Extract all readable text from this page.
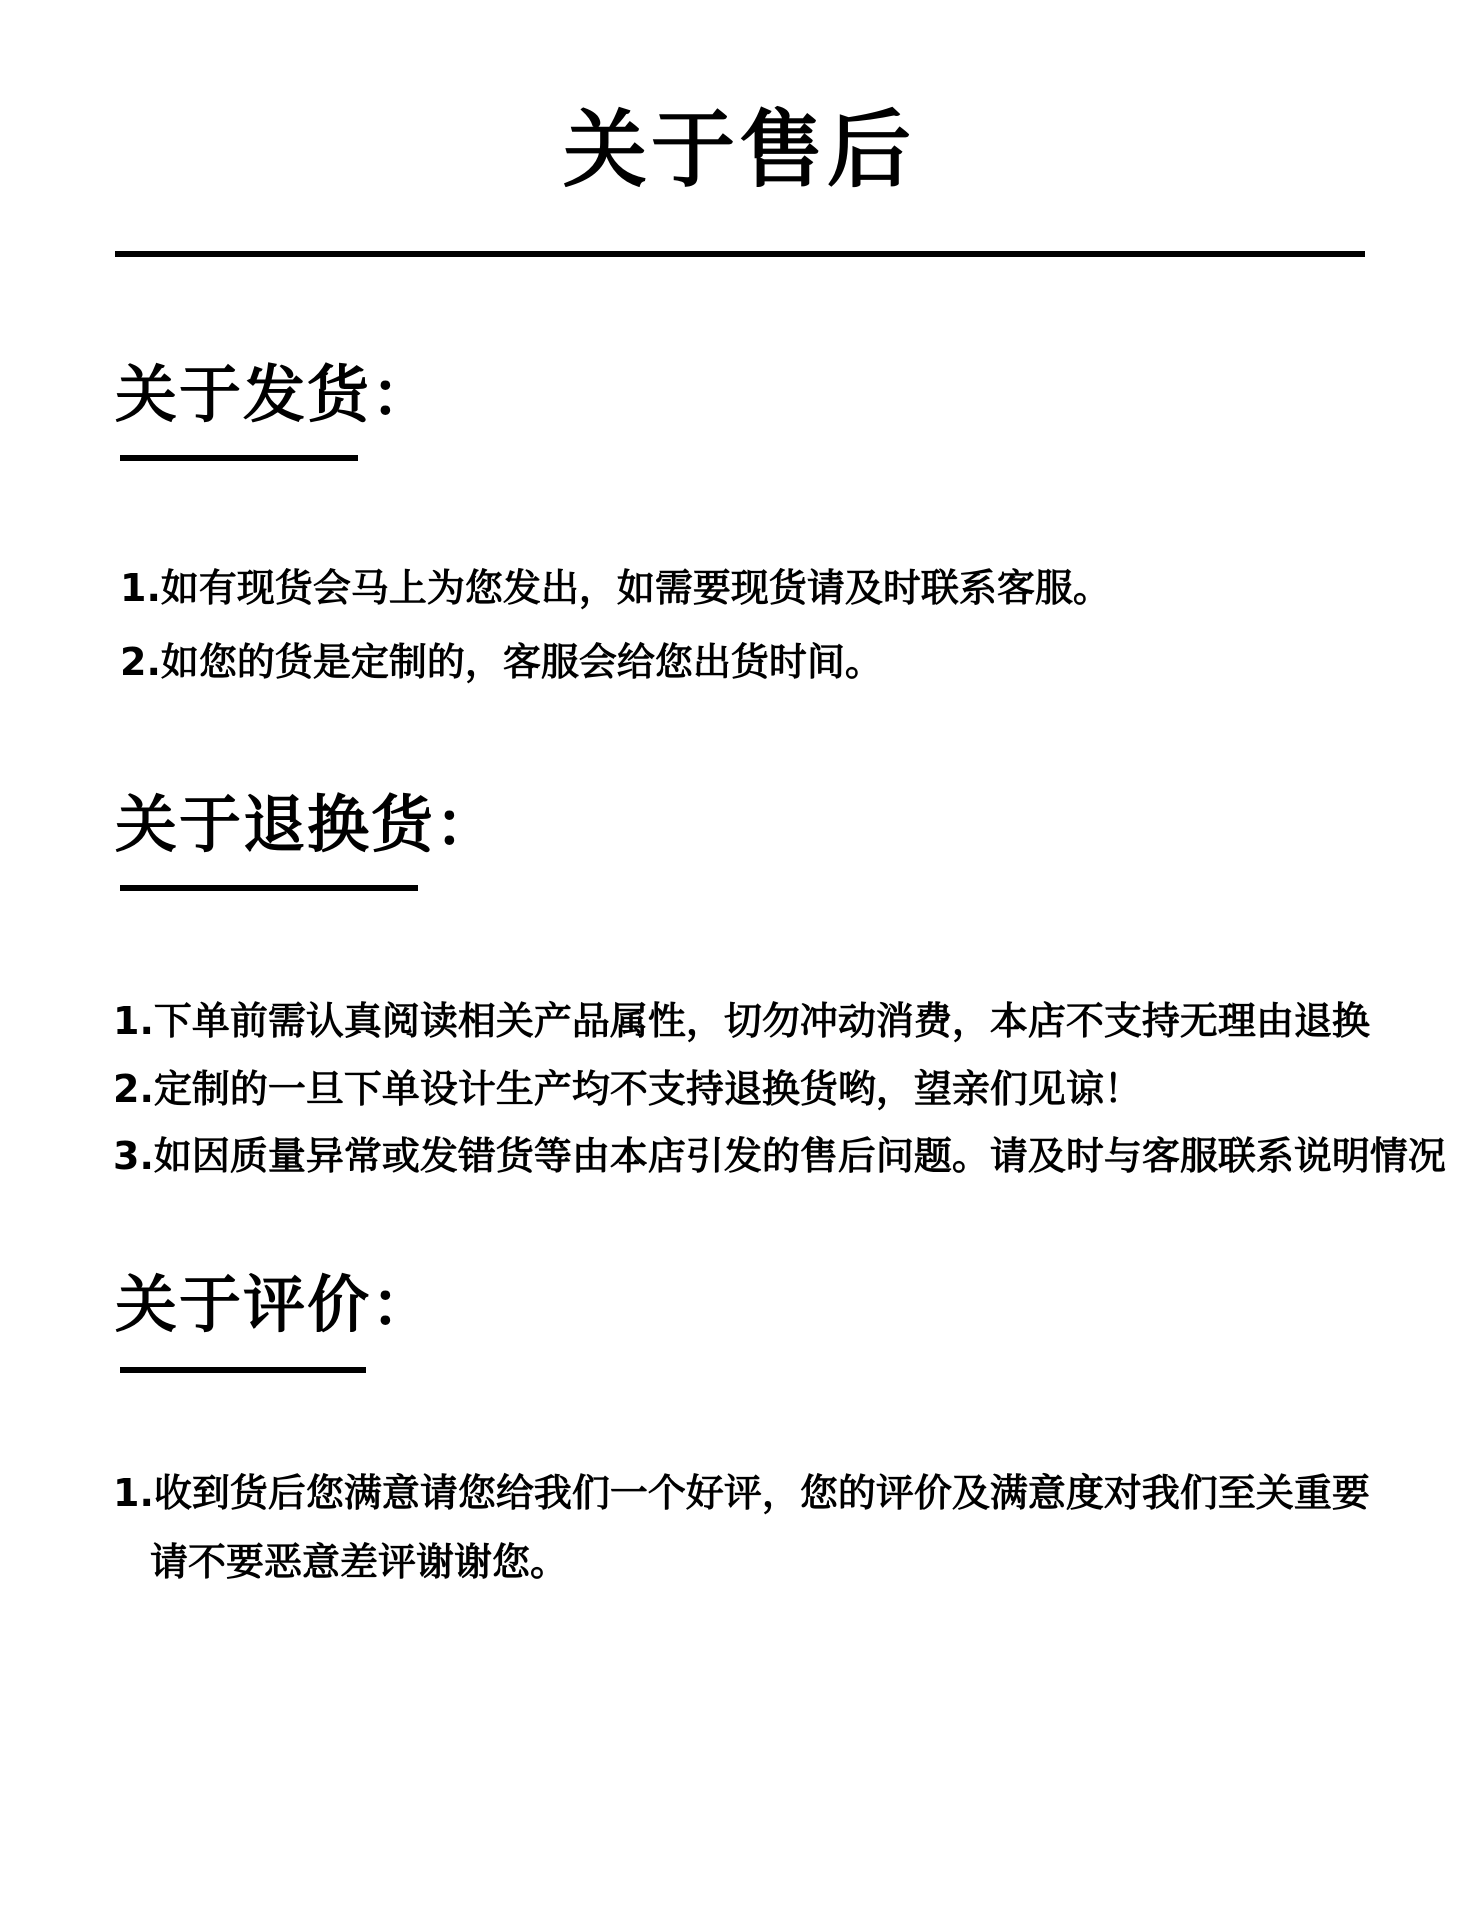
关于售后
关于发货：
1.如有现货会马上为您发出，如需要现货请及时联系客服。
2.如您的货是定制的，客服会给您出货时间。
关于退换货：
1.下单前需认真阅读相关产品属性，切勿冲动消费，本店不支持无理由退换
2.定制的一旦下单设计生产均不支持退换货哟，望亲们见谅！
3.如因质量异常或发错货等由本店引发的售后问题。请及时与客服联系说明情况
关于评价：
1.收到货后您满意请您给我们一个好评，您的评价及满意度对我们至关重要
请不要恶意差评谢谢您。
